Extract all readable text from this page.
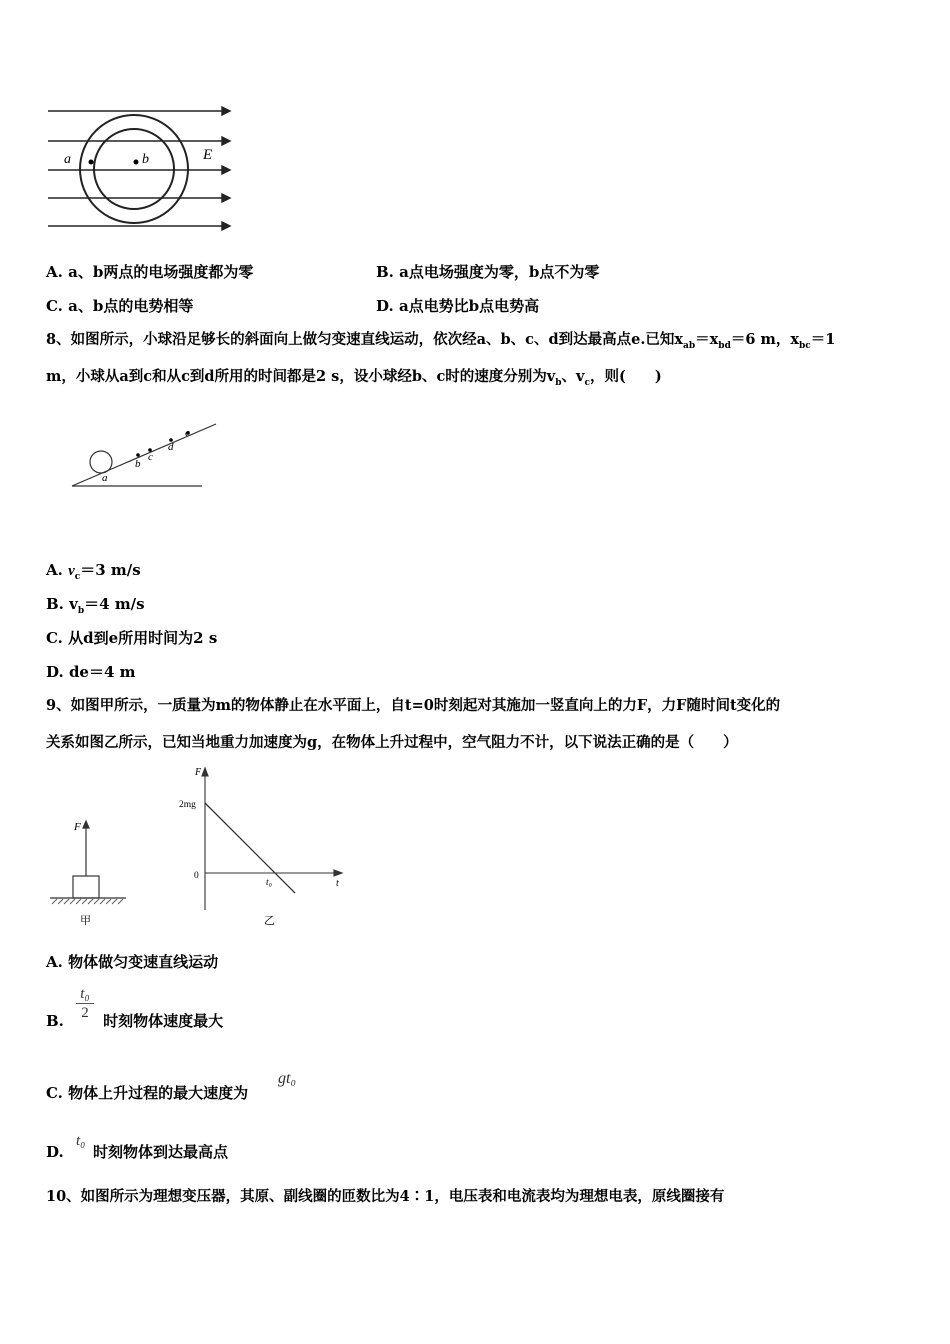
a	b	E
A. a、b两点的电场强度都为零	B. a点电场强度为零，b点不为零
C. a、b点的电势相等	D. a点电势比b点电势高
8、如图所示，小球沿足够长的斜面向上做匀变速直线运动，依次经a、b、c、d到达最高点e.已知$x_{ab}=x_{bd}=6$ m，$x_{bc}=1$
m，小球从a到c和从c到d所用的时间都是2 s，设小球经b、c时的速度分别为$v_b$、$v_c$，则(　　)
a
b
c
d
e
A. $v_c=3$ m/s
B. $v_b=4$ m/s
C. 从d到e所用时间为2 s
D. de＝4 m
9、如图甲所示，一质量为m的物体静止在水平面上，自t=0时刻起对其施加一竖直向上的力F，力F随时间t变化的
关系如图乙所示，已知当地重力加速度为g，在物体上升过程中，空气阻力不计，以下说法正确的是（　　）
F
甲
F
2mg
0
t₀	t
乙
A. 物体做匀变速直线运动
$\frac{\text{t₀}}{2}$
B.	时刻物体速度最大
C. 物体上升过程的最大速度为
gt₀
t₀
D. 时刻物体到达最高点
10、如图所示为理想变压器，其原、副线圈的匝数比为4∶1，电压表和电流表均为理想电表，原线圈接有
